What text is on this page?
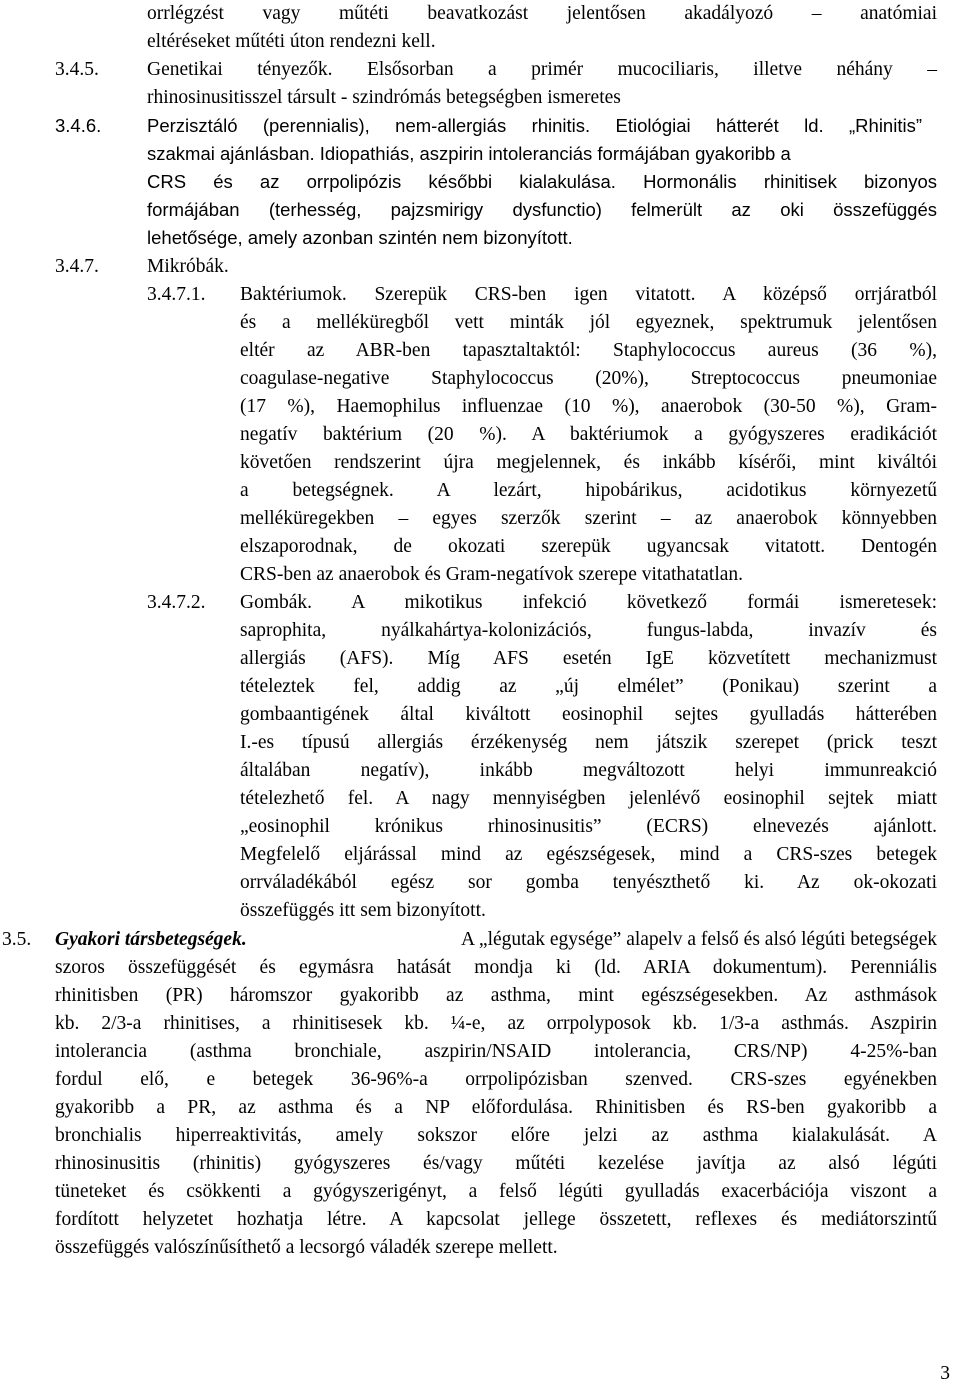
orrlégzést vagy műtéti beavatkozást jelentősen akadályozó – anatómiai
eltéréseket műtéti úton rendezni kell.
3.4.5. Genetikai tényezők. Elsősorban a primér mucociliaris, illetve néhány –
rhinosinusitisszel társult - szindrómás betegségben ismeretes
3.4.6. Perzisztáló (perennialis), nem-allergiás rhinitis. Etiológiai hátterét ld. „Rhinitis”
szakmai ajánlásban. Idiopathiás, aszpirin intoleranciás formájában gyakoribb a
CRS és az orrpolipózis későbbi kialakulása. Hormonális rhinitisek bizonyos
formájában (terhesség, pajzsmirigy dysfunctio) felmerült az oki összefüggés
lehetősége, amely azonban szintén nem bizonyított.
3.4.7. Mikróbák.
3.4.7.1. Baktériumok. Szerepük CRS-ben igen vitatott. A középső orrjáratból
és a melléküregből vett minták jól egyeznek, spektrumuk jelentősen
eltér az ABR-ben tapasztaltaktól: Staphylococcus aureus (36 %),
coagulase-negative Staphylococcus (20%), Streptococcus pneumoniae
(17 %), Haemophilus influenzae (10 %), anaerobok (30-50 %), Gram-
negatív baktérium (20 %). A baktériumok a gyógyszeres eradikációt
követően rendszerint újra megjelennek, és inkább kísérői, mint kiváltói
a betegségnek. A lezárt, hipobárikus, acidotikus környezetű
melléküregekben – egyes szerzők szerint – az anaerobok könnyebben
elszaporodnak, de okozati szerepük ugyancsak vitatott. Dentogén
CRS-ben az anaerobok és Gram-negatívok szerepe vitathatatlan.
3.4.7.2. Gombák. A mikotikus infekció következő formái ismeretesek:
saprophita, nyálkahártya-kolonizációs, fungus-labda, invazív és
allergiás (AFS). Míg AFS esetén IgE közvetített mechanizmust
tételeztek fel, addig az „új elmélet” (Ponikau) szerint a
gombaantigének által kiváltott eosinophil sejtes gyulladás hátterében
I.-es típusú allergiás érzékenység nem játszik szerepet (prick teszt
általában negatív), inkább megváltozott helyi immunreakció
tételezhető fel. A nagy mennyiségben jelenlévő eosinophil sejtek miatt
„eosinophil krónikus rhinosinusitis” (ECRS) elnevezés ajánlott.
Megfelelő eljárással mind az egészségesek, mind a CRS-szes betegek
orrváladékából egész sor gomba tenyészthető ki. Az ok-okozati
összefüggés itt sem bizonyított.
3.5. Gyakori társbetegségek.	A „légutak egysége” alapelv a felső és alsó légúti betegségek
szoros összefüggését és egymásra hatását mondja ki (ld. ARIA dokumentum). Perenniális
rhinitisben (PR) háromszor gyakoribb az asthma, mint egészségesekben. Az asthmások
kb. 2/3-a rhinitises, a rhinitisesek kb. ¼-e, az orrpolyposok kb. 1/3-a asthmás. Aszpirin
intolerancia (asthma bronchiale, aszpirin/NSAID intolerancia, CRS/NP) 4-25%-ban
fordul elő, e betegek 36-96%-a orrpolipózisban szenved. CRS-szes egyénekben
gyakoribb a PR, az asthma és a NP előfordulása. Rhinitisben és RS-ben gyakoribb a
bronchialis hiperreaktivitás, amely sokszor előre jelzi az asthma kialakulását. A
rhinosinusitis (rhinitis) gyógyszeres és/vagy műtéti kezelése javítja az alsó légúti
tüneteket és csökkenti a gyógyszerigényt, a felső légúti gyulladás exacerbációja viszont a
fordított helyzetet hozhatja létre. A kapcsolat jellege összetett, reflexes és mediátorszintű
összefüggés valószínűsíthető a lecsorgó váladék szerepe mellett.
3
